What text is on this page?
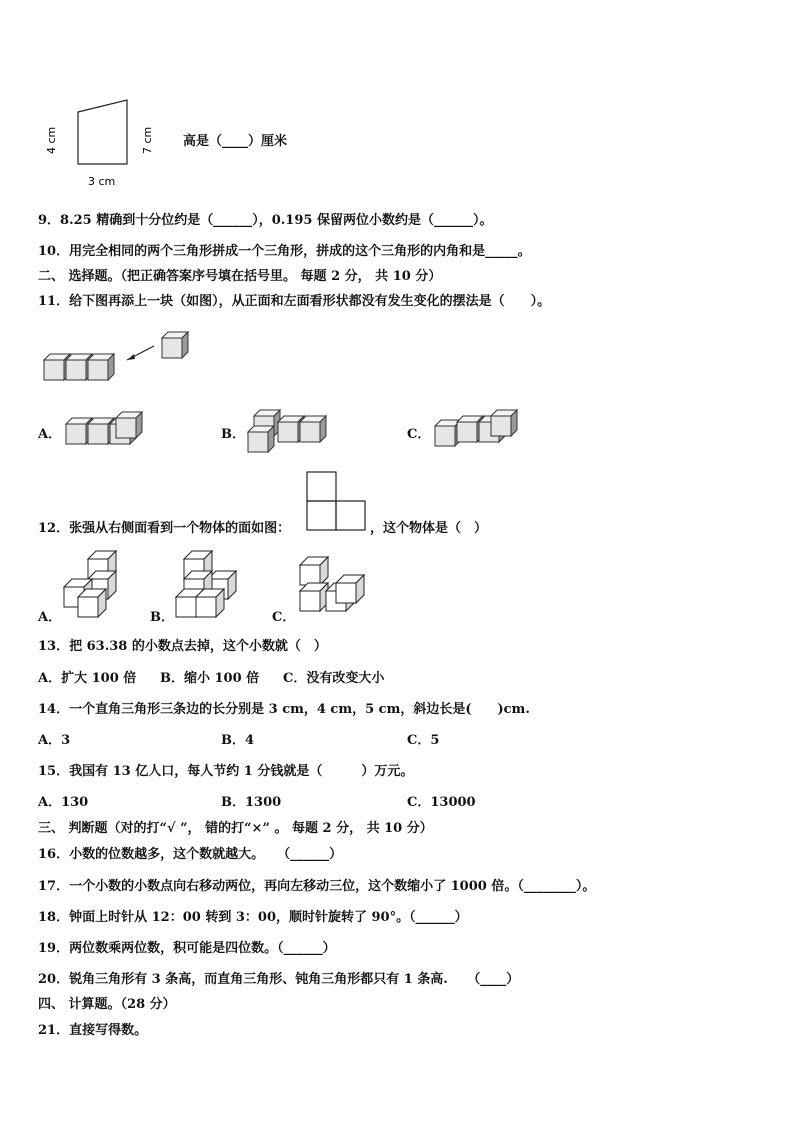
4 cm	7 cm
3 cm
高是（____）厘米
9．8.25 精确到十分位约是（______），0.195 保留两位小数约是（______）。
10．用完全相同的两个三角形拼成一个三角形，拼成的这个三角形的内角和是_____。
二、 选择题。（把正确答案序号填在括号里。 每题 2 分， 共 10 分）
11．给下图再添上一块（如图），从正面和左面看形状都没有发生变化的摆法是（　　）。
A．	B．	C．
12．张强从右侧面看到一个物体的面如图：	，这个物体是（　）
A．	B．	C．
13．把 63.38 的小数点去掉，这个小数就（　）
A．扩大 100 倍 B．缩小 100 倍 C．没有改变大小
14．一个直角三角形三条边的长分别是 3 cm，4 cm，5 cm，斜边长是(　　)cm.
A．3	B．4	C．5
15．我国有 13 亿人口，每人节约 1 分钱就是（　　　）万元。
A．130	B．1300	C．13000
三、 判断题（对的打“√ ”， 错的打“×” 。 每题 2 分， 共 10 分）
16．小数的位数越多，这个数就越大。　　（______）
17．一个小数的小数点向右移动两位，再向左移动三位，这个数缩小了 1000 倍。（________）。
18．钟面上时针从 12：00 转到 3：00，顺时针旋转了 90°。（______）
19．两位数乘两位数，积可能是四位数。（______）
20．锐角三角形有 3 条高，而直角三角形、钝角三角形都只有 1 条高.　　（____）
四、 计算题。（28 分）
21．直接写得数。
